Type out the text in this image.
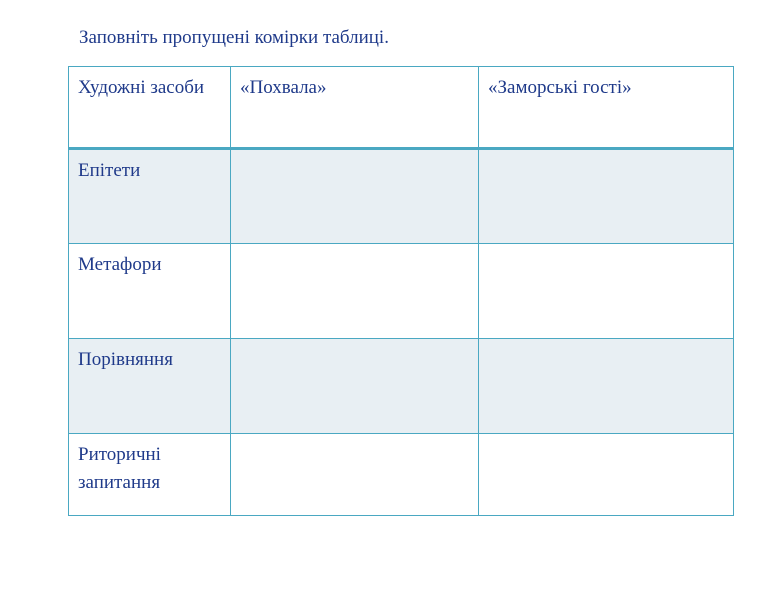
Заповніть пропущені комірки таблиці.
Художні засоби	«Похвала»	«Заморські гості»
Епітети		
Метафори		
Порівняння		
Риторичні запитання		
